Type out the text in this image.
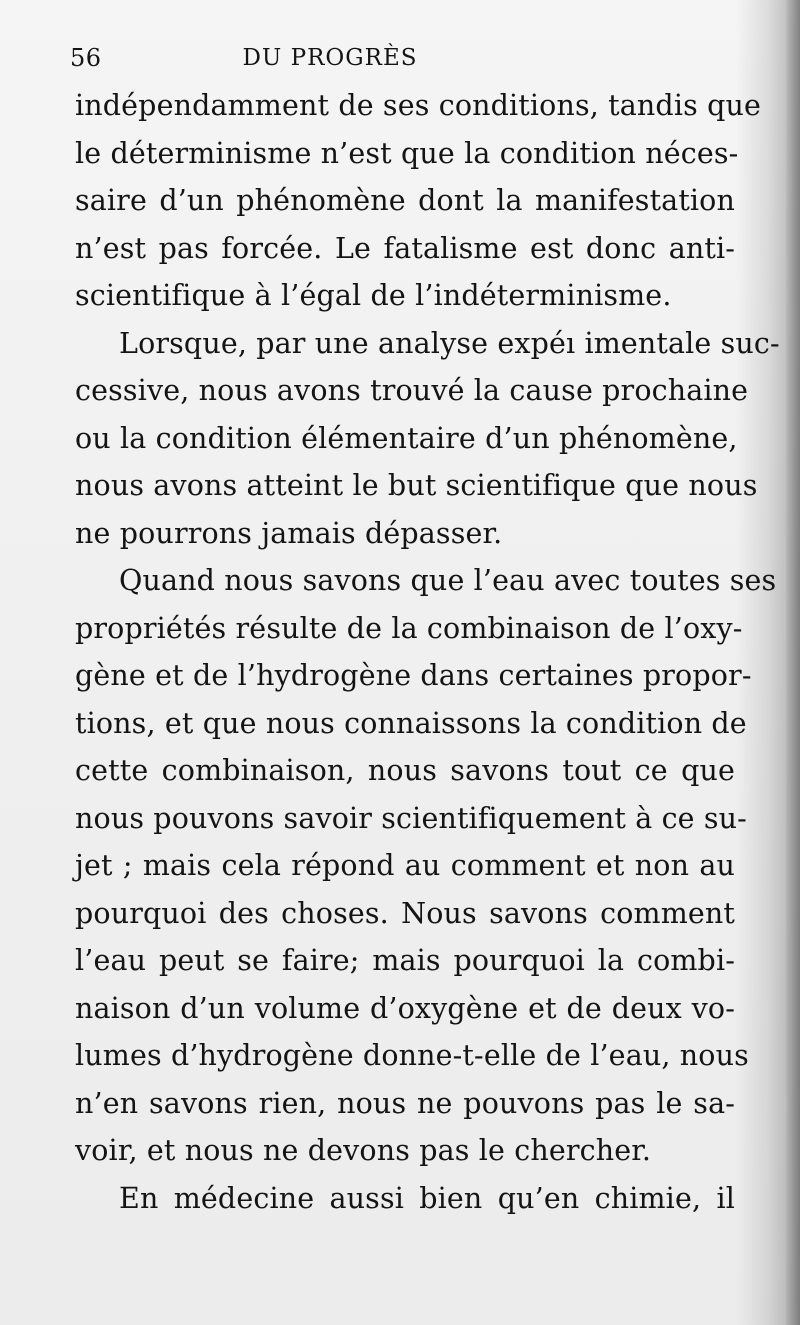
56	DU PROGRÈS
indépendamment de ses conditions, tandis que
le déterminisme n’est que la condition néces-
saire d’un phénomène dont la manifestation
n’est pas forcée. Le fatalisme est donc anti-
scientifique à l’égal de l’indéterminisme.
Lorsque, par une analyse expéı imentale suc-
cessive, nous avons trouvé la cause prochaine
ou la condition élémentaire d’un phénomène,
nous avons atteint le but scientifique que nous
ne pourrons jamais dépasser.
Quand nous savons que l’eau avec toutes ses
propriétés résulte de la combinaison de l’oxy-
gène et de l’hydrogène dans certaines propor-
tions, et que nous connaissons la condition de
cette combinaison, nous savons tout ce que
nous pouvons savoir scientifiquement à ce su-
jet ; mais cela répond au comment et non au
pourquoi des choses. Nous savons comment
l’eau peut se faire; mais pourquoi la combi-
naison d’un volume d’oxygène et de deux vo-
lumes d’hydrogène donne-t-elle de l’eau, nous
n’en savons rien, nous ne pouvons pas le sa-
voir, et nous ne devons pas le chercher.
En médecine aussi bien qu’en chimie, il
